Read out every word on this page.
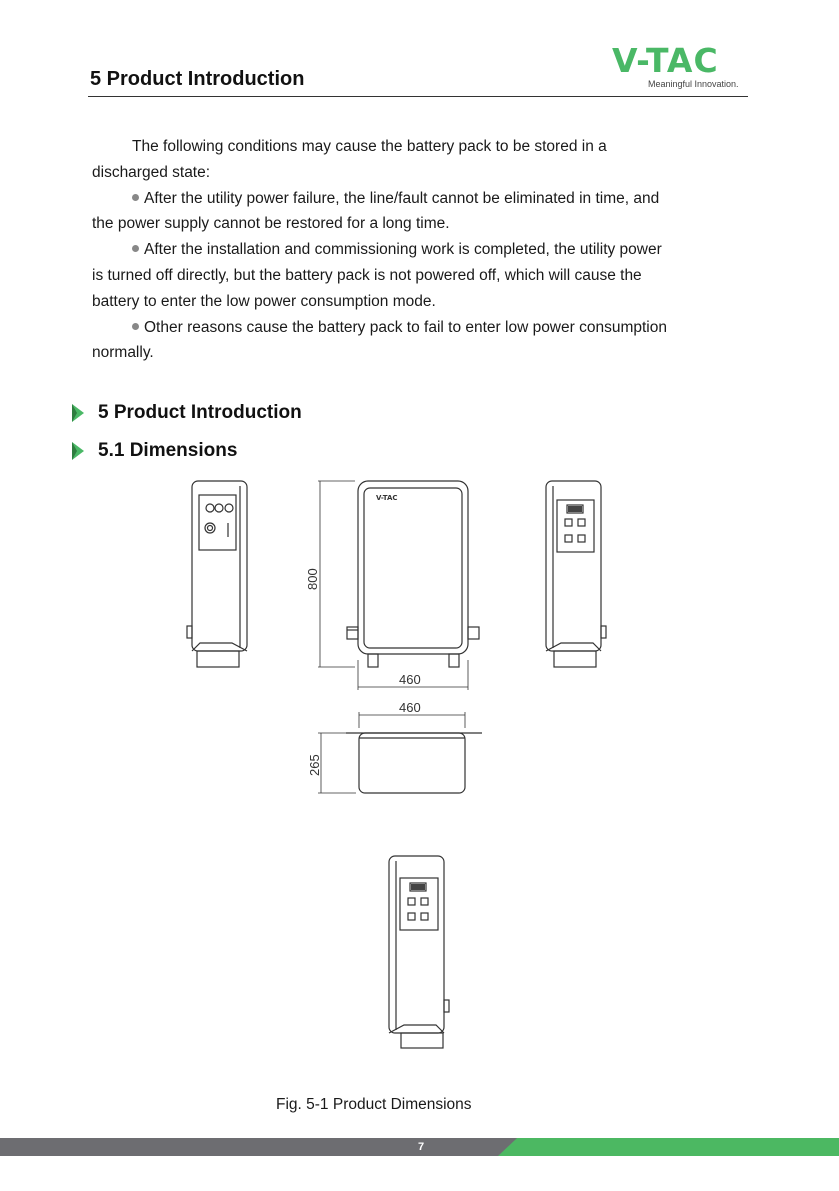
5 Product Introduction	V-TAC
Meaningful Innovation.

The following conditions may cause the battery pack to be stored in a

discharged state:

After the utility power failure, the line/fault cannot be eliminated in time, and

the power supply cannot be restored for a long time.

After the installation and commissioning work is completed, the utility power

is turned off directly, but the battery pack is not powered off, which will cause the

battery to enter the low power consumption mode.

Other reasons cause the battery pack to fail to enter low power consumption

normally.

5 Product Introduction
5.1 Dimensions
460
800
460
265
V-TAC
Fig. 5-1 Product Dimensions
7
